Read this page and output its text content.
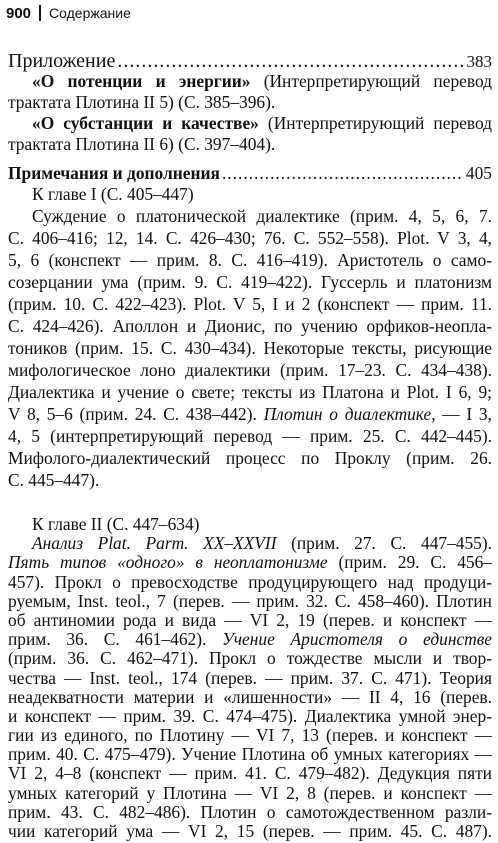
900 Содержание
Приложение .....	383
«О потенции и энергии» (Интерпретирующий перевод
трактата Плотина II 5) (С. 385–396).
«О субстанции и качестве» (Интерпретирующий перевод
трактата Плотина II 6) (С. 397–404).
Примечания и дополнения .....	405
К главе I (С. 405–447)
Суждение о платонической диалектике (прим. 4, 5, 6, 7.
С. 406–416; 12, 14. С. 426–430; 76. С. 552–558). Plot. V 3, 4,
5, 6 (конспект — прим. 8. С. 416–419). Аристотель о само-
созерцании ума (прим. 9. С. 419–422). Гуссерль и платонизм
(прим. 10. С. 422–423). Plot. V 5, I и 2 (конспект — прим. 11.
С. 424–426). Аполлон и Дионис, по учению орфиков-неопла-
тоников (прим. 15. С. 430–434). Некоторые тексты, рисующие
мифологическое лоно диалектики (прим. 17–23. С. 434–438).
Диалектика и учение о свете; тексты из Платона и Plot. I 6, 9;
V 8, 5–6 (прим. 24. С. 438–442). Плотин о диалектике, — I 3,
4, 5 (интерпретирующий перевод — прим. 25. С. 442–445).
Мифолого-диалектический процесс по Проклу (прим. 26.
С. 445–447).
К главе II (С. 447–634)
Анализ Plat. Parm. XX–XXVII (прим. 27. С. 447–455).
Пять типов «одного» в неоплатонизме (прим. 29. С. 456–
457). Прокл о превосходстве продуцирующего над продуци-
руемым, Inst. teol., 7 (перев. — прим. 32. С. 458–460). Плотин
об антиномии рода и вида — VI 2, 19 (перев. и конспект —
прим. 36. С. 461–462). Учение Аристотеля о единстве
(прим. 36. С. 462–471). Прокл о тождестве мысли и твор-
чества — Inst. teol., 174 (перев. — прим. 37. С. 471). Теория
неадекватности материи и «лишенности» — II 4, 16 (перев.
и конспект — прим. 39. С. 474–475). Диалектика умной энер-
гии из единого, по Плотину — VI 7, 13 (перев. и конспект —
прим. 40. С. 475–479). Учение Плотина об умных категориях —
VI 2, 4–8 (конспект — прим. 41. С. 479–482). Дедукция пяти
умных категорий у Плотина — VI 2, 8 (перев. и конспект —
прим. 43. С. 482–486). Плотин о самотождественном разли-
чии категорий ума — VI 2, 15 (перев. — прим. 45. С. 487).
